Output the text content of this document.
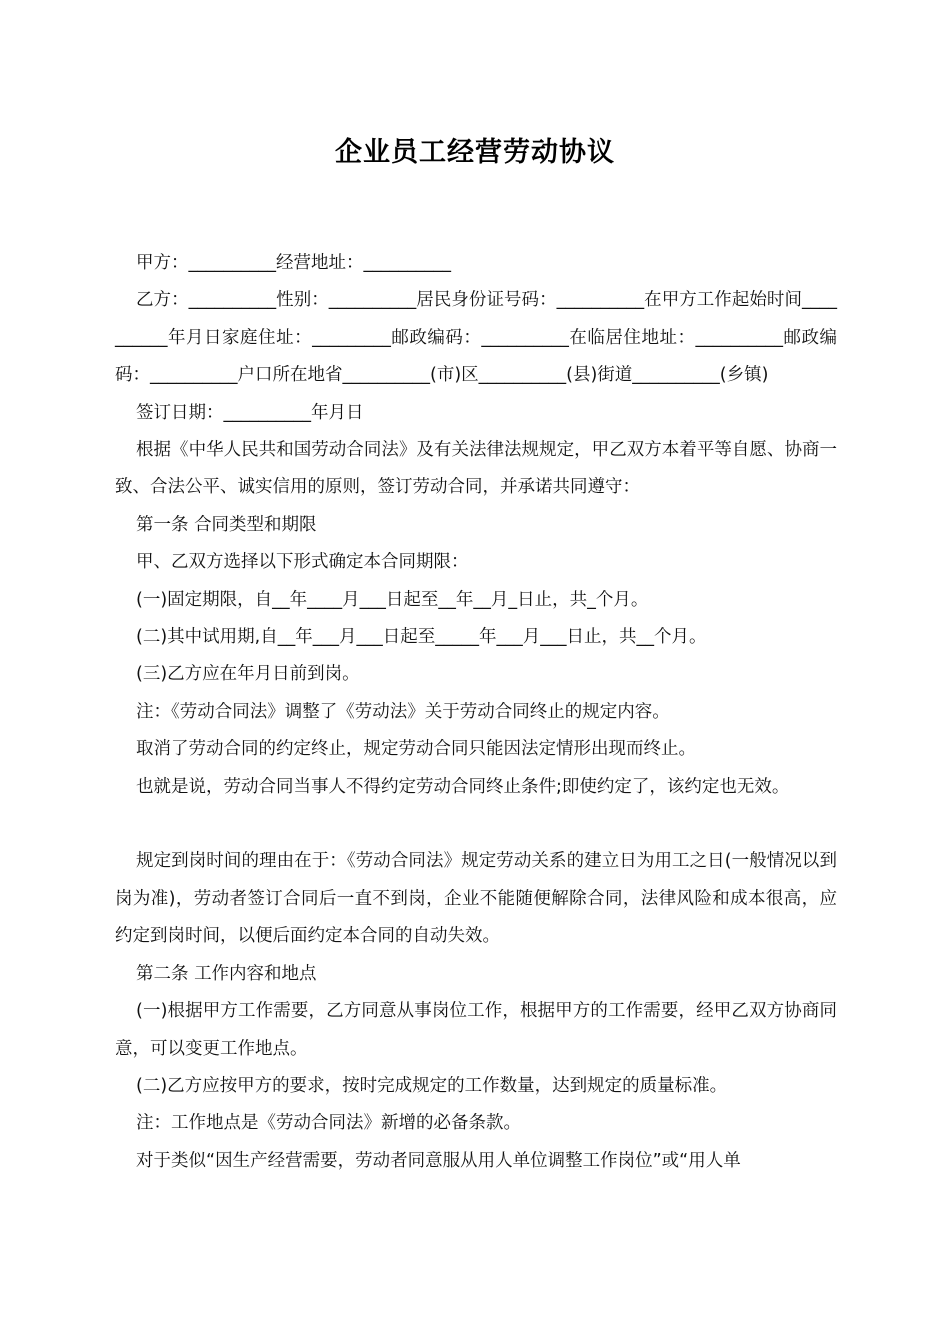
企业员工经营劳动协议

甲方：__________经营地址：__________

乙方：__________性别：__________居民身份证号码：__________在甲方工作起始时间__________年月日家庭住址：_________邮政编码：__________在临居住地址：__________邮政编码：__________户口所在地省__________(市)区__________(县)街道__________(乡镇)

签订日期：__________年月日

根据《中华人民共和国劳动合同法》及有关法律法规规定，甲乙双方本着平等自愿、协商一致、合法公平、诚实信用的原则，签订劳动合同，并承诺共同遵守：

第一条 合同类型和期限

甲、乙双方选择以下形式确定本合同期限：

(一)固定期限，自__年____月___日起至__年__月_日止，共_个月。

(二)其中试用期,自__年___月___日起至_____年___月___日止，共__个月。

(三)乙方应在年月日前到岗。

注：《劳动合同法》调整了《劳动法》关于劳动合同终止的规定内容。

取消了劳动合同的约定终止，规定劳动合同只能因法定情形出现而终止。

也就是说，劳动合同当事人不得约定劳动合同终止条件;即使约定了，该约定也无效。

规定到岗时间的理由在于：《劳动合同法》规定劳动关系的建立日为用工之日(一般情况以到岗为准)，劳动者签订合同后一直不到岗，企业不能随便解除合同，法律风险和成本很高，应约定到岗时间，以便后面约定本合同的自动失效。

第二条 工作内容和地点

(一)根据甲方工作需要，乙方同意从事岗位工作，根据甲方的工作需要，经甲乙双方协商同意，可以变更工作地点。

(二)乙方应按甲方的要求，按时完成规定的工作数量，达到规定的质量标准。

注：工作地点是《劳动合同法》新增的必备条款。

对于类似“因生产经营需要，劳动者同意服从用人单位调整工作岗位”或“用人单
